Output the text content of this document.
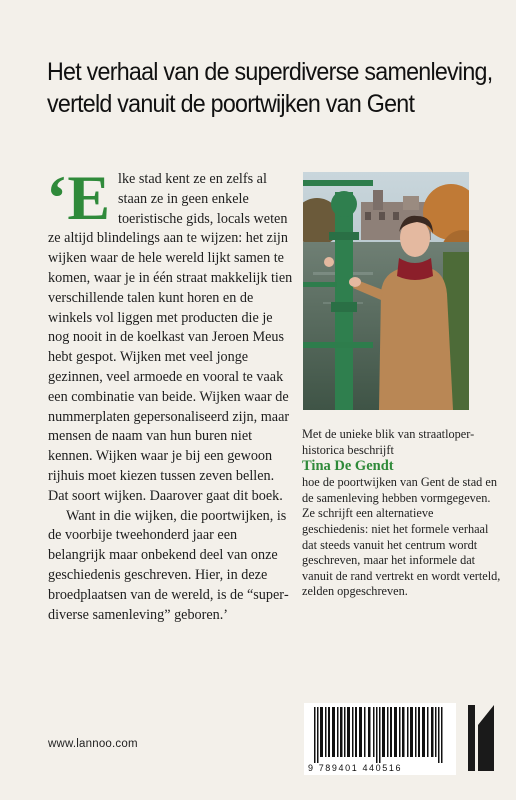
Het verhaal van de superdiverse samenleving,
verteld vanuit de poortwijken van Gent
‘E lke stad kent ze en zelfs al staan ze in geen enkele toeristische gids, locals weten ze altijd blindelings aan te wijzen: het zijn wijken waar de hele wereld lijkt samen te komen, waar je in één straat makkelijk tien verschillende talen kunt horen en de winkels vol liggen met producten die je nog nooit in de koelkast van Jeroen Meus hebt gespot. Wijken met veel jonge gezinnen, veel armoede en vooral te vaak een combinatie van beide. Wijken waar de nummerplaten gepersonaliseerd zijn, maar mensen de naam van hun buren niet kennen. Wijken waar je bij een gewoon rijhuis moet kiezen tussen zeven bellen. Dat soort wijken. Daarover gaat dit boek.

Want in die wijken, die poortwijken, is de voorbije tweehonderd jaar een belangrijk maar onbekend deel van onze geschiedenis geschreven. Hier, in deze broedplaatsen van de wereld, is de “superdiverse samenleving” geboren.’

Met de unieke blik van straatloper-historica beschrijft

Tina De Gendt

hoe de poortwijken van Gent de stad en de samenleving hebben vormgegeven.

Ze schrijft een alternatieve geschiedenis: niet het formele verhaal dat steeds vanuit het centrum wordt geschreven, maar het informele dat vanuit de rand vertrekt en wordt verteld, zelden opgeschreven.

www.lannoo.com
9 789401 440516
